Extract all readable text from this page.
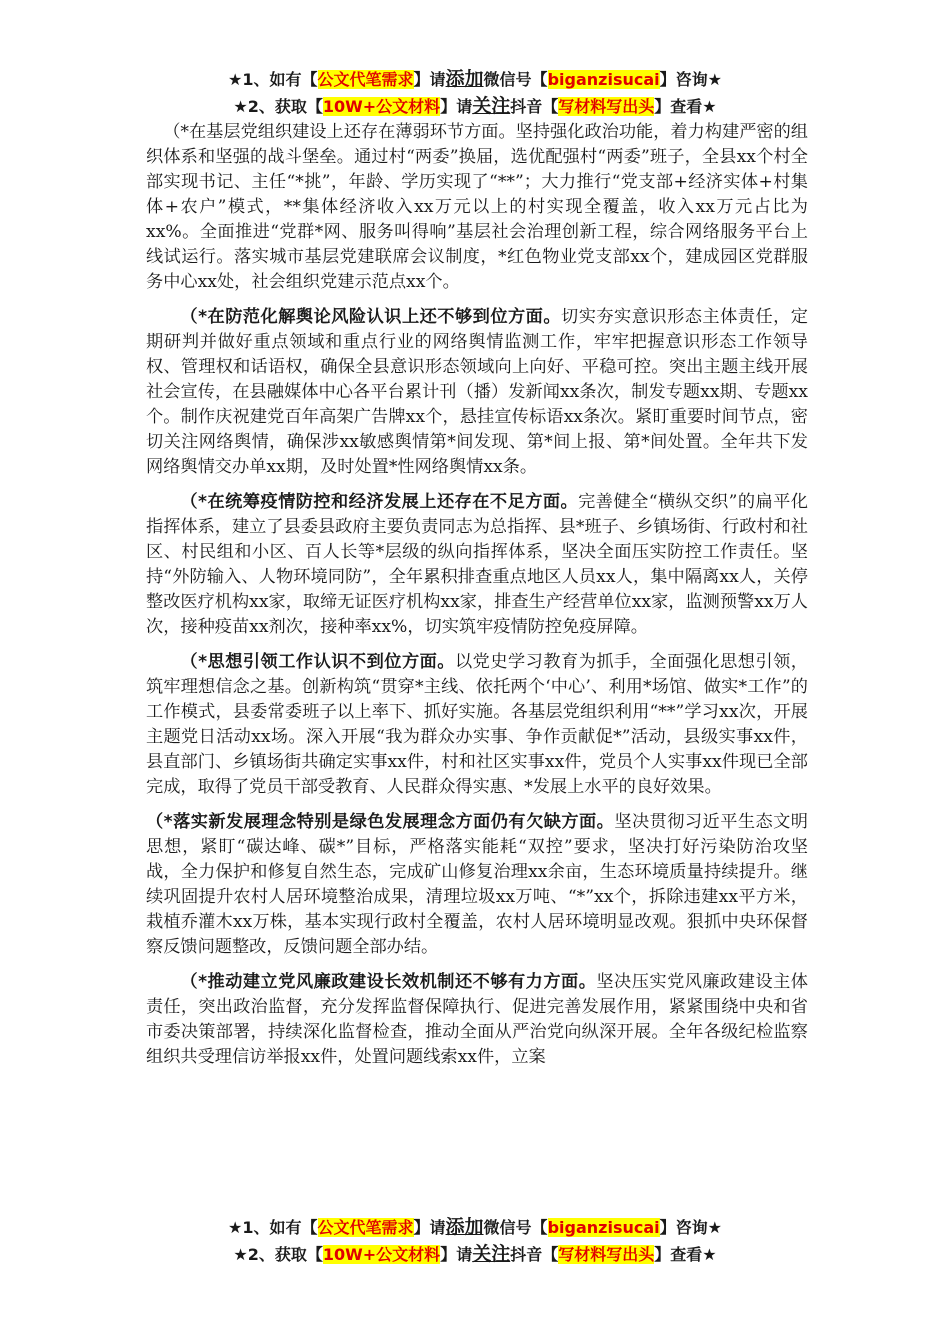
★1、如有【公文代笔需求】请添加微信号【biganzisucai】咨询★
★2、获取【10W+公文材料】请关注抖音【写材料写出头】查看★

（*在基层党组织建设上还存在薄弱环节方面。坚持强化政治功能，着力构建严密的组织体系和坚强的战斗堡垒。通过村“两委”换届，选优配强村“两委”班子，全县xx个村全部实现书记、主任“*挑”，年龄、学历实现了“**”；大力推行“党支部+经济实体+村集体+农户”模式，**集体经济收入xx万元以上的村实现全覆盖，收入xx万元占比为xx%。全面推进“党群*网、服务叫得响”基层社会治理创新工程，综合网络服务平台上线试运行。落实城市基层党建联席会议制度，*红色物业党支部xx个，建成园区党群服务中心xx处，社会组织党建示范点xx个。

（*在防范化解舆论风险认识上还不够到位方面。切实夯实意识形态主体责任，定期研判并做好重点领域和重点行业的网络舆情监测工作，牢牢把握意识形态工作领导权、管理权和话语权，确保全县意识形态领域向上向好、平稳可控。突出主题主线开展社会宣传，在县融媒体中心各平台累计刊（播）发新闻xx条次，制发专题xx期、专题xx个。制作庆祝建党百年高架广告牌xx个，悬挂宣传标语xx条次。紧盯重要时间节点，密切关注网络舆情，确保涉xx敏感舆情第*间发现、第*间上报、第*间处置。全年共下发网络舆情交办单xx期，及时处置*性网络舆情xx条。

（*在统筹疫情防控和经济发展上还存在不足方面。完善健全“横纵交织”的扁平化指挥体系，建立了县委县政府主要负责同志为总指挥、县*班子、乡镇场街、行政村和社区、村民组和小区、百人长等*层级的纵向指挥体系，坚决全面压实防控工作责任。坚持“外防输入、人物环境同防”，全年累积排查重点地区人员xx人，集中隔离xx人，关停整改医疗机构xx家，取缔无证医疗机构xx家，排查生产经营单位xx家，监测预警xx万人次，接种疫苗xx剂次，接种率xx%，切实筑牢疫情防控免疫屏障。

（*思想引领工作认识不到位方面。以党史学习教育为抓手，全面强化思想引领，筑牢理想信念之基。创新构筑“贯穿*主线、依托两个‘中心’、利用*场馆、做实*工作”的工作模式，县委常委班子以上率下、抓好实施。各基层党组织利用“**”学习xx次，开展主题党日活动xx场。深入开展“我为群众办实事、争作贡献促*”活动，县级实事xx件，县直部门、乡镇场街共确定实事xx件，村和社区实事xx件，党员个人实事xx件现已全部完成，取得了党员干部受教育、人民群众得实惠、*发展上水平的良好效果。

（*落实新发展理念特别是绿色发展理念方面仍有欠缺方面。坚决贯彻习近平生态文明思想，紧盯“碳达峰、碳*”目标，严格落实能耗“双控”要求，坚决打好污染防治攻坚战，全力保护和修复自然生态，完成矿山修复治理xx余亩，生态环境质量持续提升。继续巩固提升农村人居环境整治成果，清理垃圾xx万吨、“*”xx个，拆除违建xx平方米，栽植乔灌木xx万株，基本实现行政村全覆盖，农村人居环境明显改观。狠抓中央环保督察反馈问题整改，反馈问题全部办结。

（*推动建立党风廉政建设长效机制还不够有力方面。坚决压实党风廉政建设主体责任，突出政治监督，充分发挥监督保障执行、促进完善发展作用，紧紧围绕中央和省市委决策部署，持续深化监督检查，推动全面从严治党向纵深开展。全年各级纪检监察组织共受理信访举报xx件，处置问题线索xx件，立案

★1、如有【公文代笔需求】请添加微信号【biganzisucai】咨询★
★2、获取【10W+公文材料】请关注抖音【写材料写出头】查看★
